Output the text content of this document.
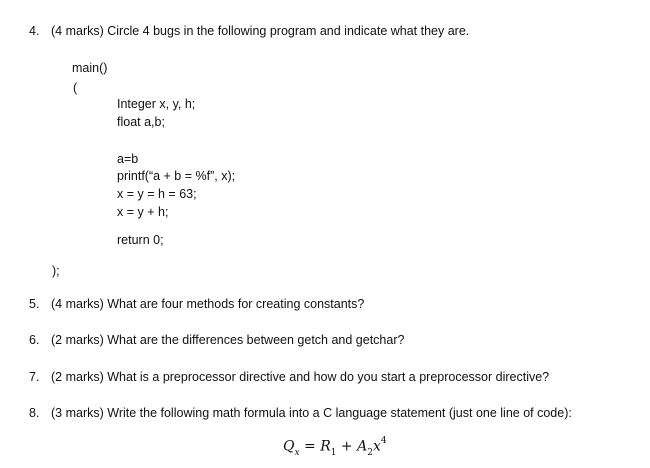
4. (4 marks) Circle 4 bugs in the following program and indicate what they are.
main()
(
Integer x, y, h;
float a,b;
a=b
printf(“a + b = %f”, x);
x = y = h = 63;
x = y + h;
return 0;
);
5. (4 marks) What are four methods for creating constants?
6. (2 marks) What are the differences between getch and getchar?
7. (2 marks) What is a preprocessor directive and how do you start a preprocessor directive?
8. (3 marks) Write the following math formula into a C language statement (just one line of code):
$Q_x = R_1 + A_2x^4$
